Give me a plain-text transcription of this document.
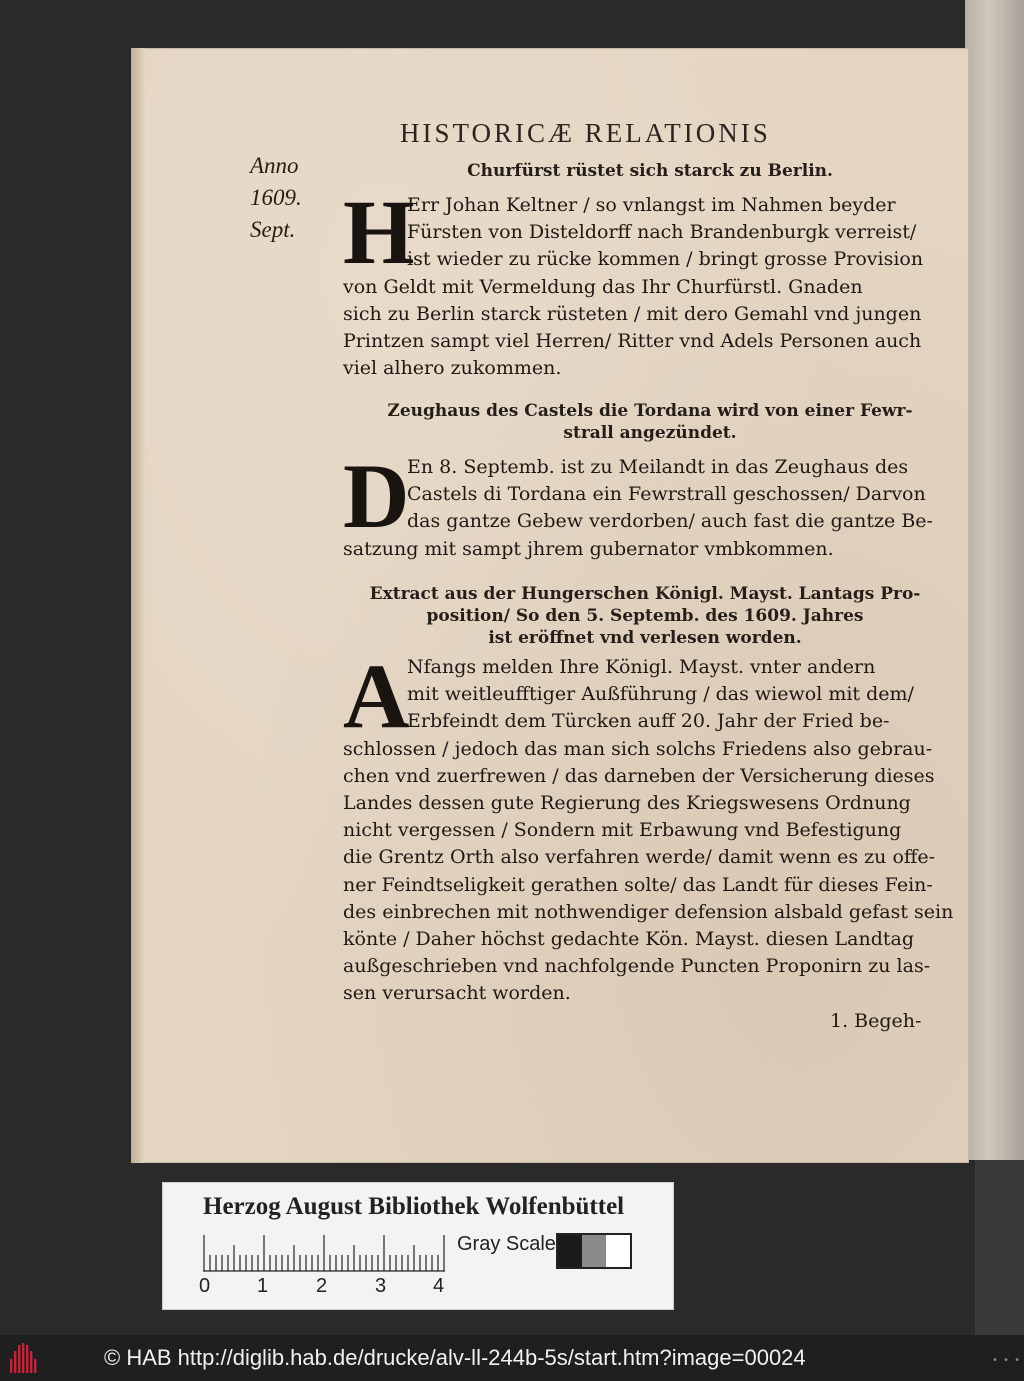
HISTORICÆ RELATIONIS
Anno
1609.
Sept.
Churfürst rüstet sich starck zu Berlin.
H
Err Johan Keltner / so vnlangst im Nahmen beyder
Fürsten von Disteldorff nach Brandenburgk verreist/
ist wieder zu rücke kommen / bringt grosse Provision
von Geldt mit Vermeldung das Ihr Churfürstl. Gnaden
sich zu Berlin starck rüsteten / mit dero Gemahl vnd jungen
Printzen sampt viel Herren/ Ritter vnd Adels Personen auch
viel alhero zukommen.
Zeughaus des Castels die Tordana wird von einer Fewr-
strall angezündet.
D
En 8. Septemb. ist zu Meilandt in das Zeughaus des
Castels di Tordana ein Fewrstrall geschossen/ Darvon
das gantze Gebew verdorben/ auch fast die gantze Be-
satzung mit sampt jhrem gubernator vmbkommen.
Extract aus der Hungerschen Königl. Mayst. Lantags Pro-
position/ So den 5. Septemb. des 1609. Jahres
ist eröffnet vnd verlesen worden.
A
Nfangs melden Ihre Königl. Mayst. vnter andern
mit weitleufftiger Außführung / das wiewol mit dem/
Erbfeindt dem Türcken auff 20. Jahr der Fried be-
schlossen / jedoch das man sich solchs Friedens also gebrau-
chen vnd zuerfrewen / das darneben der Versicherung dieses
Landes dessen gute Regierung des Kriegswesens Ordnung
nicht vergessen / Sondern mit Erbawung vnd Befestigung
die Grentz Orth also verfahren werde/ damit wenn es zu offe-
ner Feindtseligkeit gerathen solte/ das Landt für dieses Fein-
des einbrechen mit nothwendiger defension alsbald gefast sein
könte / Daher höchst gedachte Kön. Mayst. diesen Landtag
außgeschrieben vnd nachfolgende Puncten Proponirn zu las-
sen verursacht worden.
1. Begeh-
Herzog August Bibliothek Wolfenbüttel
0 1 2 3 4
Gray Scale
© HAB http://diglib.hab.de/drucke/alv-ll-244b-5s/start.htm?image=00024	• • •
